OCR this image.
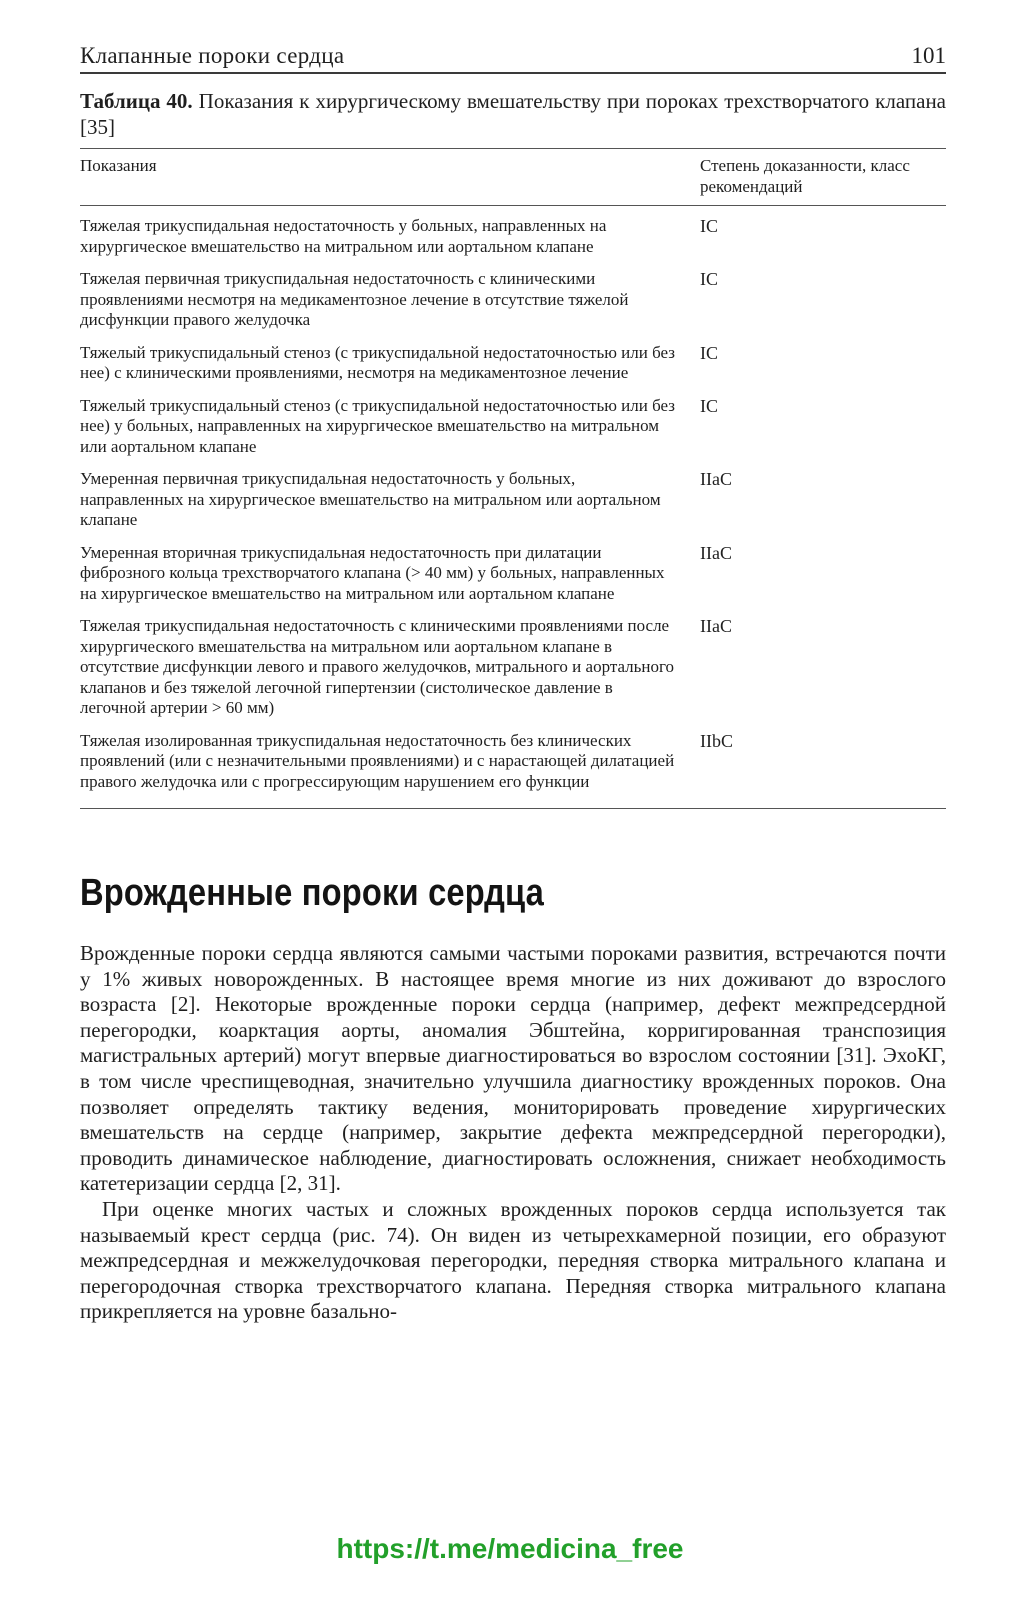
Клапанные пороки сердца	101
Таблица 40. Показания к хирургическому вмешательству при пороках трехстворчатого клапана [35]
Показания	Степень доказанности, класс рекомендаций
Тяжелая трикуспидальная недостаточность у больных, направленных на хирургическое вмешательство на митральном или аортальном клапане
IC
Тяжелая первичная трикуспидальная недостаточность с клиническими проявлениями несмотря на медикаментозное лечение в отсутствие тяжелой дисфункции правого желудочка
IC
Тяжелый трикуспидальный стеноз (с трикуспидальной недостаточностью или без нее) с клиническими проявлениями, несмотря на медикаментозное лечение
IC
Тяжелый трикуспидальный стеноз (с трикуспидальной недостаточностью или без нее) у больных, направленных на хирургическое вмешательство на митральном или аортальном клапане
IC
Умеренная первичная трикуспидальная недостаточность у больных, направленных на хирургическое вмешательство на митральном или аортальном клапане
IIaC
Умеренная вторичная трикуспидальная недостаточность при дилатации фиброзного кольца трехстворчатого клапана (> 40 мм) у больных, направленных на хирургическое вмешательство на митральном или аортальном клапане
IIaC
Тяжелая трикуспидальная недостаточность с клиническими проявлениями после хирургического вмешательства на митральном или аортальном клапане в отсутствие дисфункции левого и правого желудочков, митрального и аортального клапанов и без тяжелой легочной гипертензии (систолическое давление в легочной артерии > 60 мм)
IIaC
Тяжелая изолированная трикуспидальная недостаточность без клинических проявлений (или с незначительными проявлениями) и с нарастающей дилатацией правого желудочка или с прогрессирующим нарушением его функции
IIbC
Врожденные пороки сердца

Врожденные пороки сердца являются самыми частыми пороками развития, встречаются почти у 1% живых новорожденных. В настоящее время многие из них доживают до взрослого возраста [2]. Некоторые врожденные пороки сердца (например, дефект межпредсердной перегородки, коарктация аорты, аномалия Эбштейна, корригированная транспозиция магистральных артерий) могут впервые диагностироваться во взрослом состоянии [31]. ЭхоКГ, в том числе чреспищеводная, значительно улучшила диагностику врожденных пороков. Она позволяет определять тактику ведения, мониторировать проведение хирургических вмешательств на сердце (например, закрытие дефекта межпредсердной перегородки), проводить динамическое наблюдение, диагностировать осложнения, снижает необходимость катетеризации сердца [2, 31].

При оценке многих частых и сложных врожденных пороков сердца используется так называемый крест сердца (рис. 74). Он виден из четырехкамерной позиции, его образуют межпредсердная и межжелудочковая перегородки, передняя створка митрального клапана и перегородочная створка трехстворчатого клапана. Передняя створка митрального клапана прикрепляется на уровне базально-

https://t.me/medicina_free
